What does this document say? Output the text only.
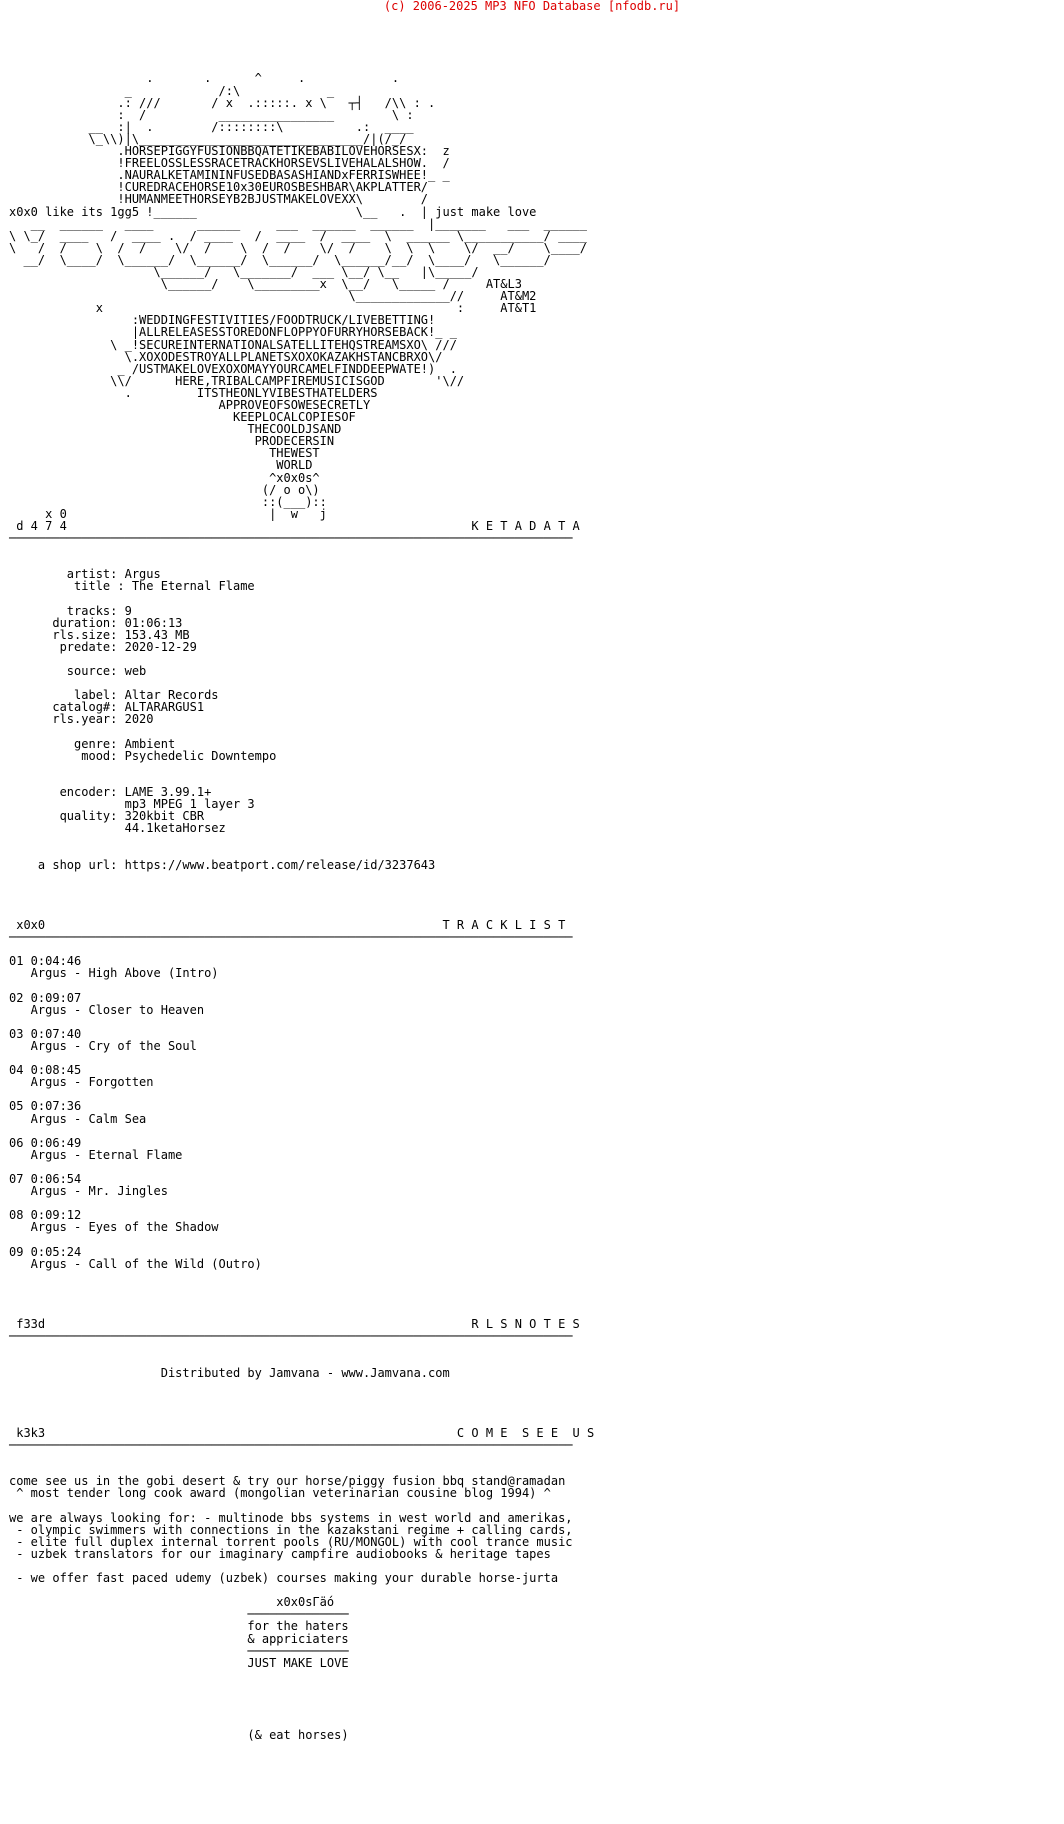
(c) 2006-2025 MP3 NFO Database [nfodb.ru]

.       .      ^     .            .
_            /:\            _
.: ///       / x  .:::::. x \   ┬┤   /\\ : .
:  /          ________________        \ :
__  :|  .        /::::::::\          .:  ____
\_\\)|\_______________________________/|(/_/
.HORSEPIGGYFUSIONBBQATETIKEBABILOVEHORSESX:  z
!FREELOSSLESSRACETRACKHORSEVSLIVEHALALSHOW.  /
.NAURALKETAMININFUSEDBASASHIANDxFERRISWHEE!_ _
!CUREDRACEHORSE10x30EUROSBESHBAR\AKPLATTER/
!HUMANMEETHORSEYB2BJUSTMAKELOVEXX\        /
x0x0 like its 1gg5 !______                      \__   .  | just make love
__  ______   ____      ______     ___  ______  ______  |_______   ___  ______
\ \_/  ____   /  ____ .  / ____   /  ____  /  ____  \  ______ \___________/ ____
\   /  /    \  /  /    \/  /    \  /  /    \/  /    \  \  \    \/  __/    \____/
__/  \____/  \______/  \______/  \______/  \______/__/  \____/   \______/
\______/   \_______/  ___ \__/ \__   |\_____/
\______/    \_________x  \__/   \_____ /     AT&L3
\_____________//     AT&M2
x                                                 :     AT&T1
:WEDDINGFESTIVITIES/FOODTRUCK/LIVEBETTING!
|ALLRELEASESSTOREDONFLOPPYOFURRYHORSEBACK!_ _
\ _!SECUREINTERNATIONALSATELLITEHQSTREAMSXO\ ///
\.XOXODESTROYALLPLANETSXOXOKAZAKHSTANCBRXO\/
_ /USTMAKELOVEXOXOMAYYOURCAMELFINDDEEPWATE!)  .
\\/      HERE,TRIBALCAMPFIREMUSICISGOD       '\//
.         ITSTHEONLYVIBESTHATELDERS
APPROVEOFSOWESECRETLY
KEEPLOCALCOPIESOF
THECOOLDJSAND
PRODECERSIN
THEWEST
WORLD
^x0x0s^
(/ o o\)
::(___)::
x 0                            |  w   j
d 4 7 4                                                        K E T A D A T A
──────────────────────────────────────────────────────────────────────────────

artist: Argus
title : The Eternal Flame

tracks: 9
duration: 01:06:13
rls.size: 153.43 MB
predate: 2020-12-29

source: web

label: Altar Records
catalog#: ALTARARGUS1
rls.year: 2020

genre: Ambient
mood: Psychedelic Downtempo

encoder: LAME 3.99.1+
mp3 MPEG 1 layer 3
quality: 320kbit CBR
44.1ketaHorsez

a shop url: https://www.beatport.com/release/id/3237643

x0x0                                                       T R A C K L I S T
──────────────────────────────────────────────────────────────────────────────

01 0:04:46
Argus - High Above (Intro)

02 0:09:07
Argus - Closer to Heaven

03 0:07:40
Argus - Cry of the Soul

04 0:08:45
Argus - Forgotten

05 0:07:36
Argus - Calm Sea

06 0:06:49
Argus - Eternal Flame

07 0:06:54
Argus - Mr. Jingles

08 0:09:12
Argus - Eyes of the Shadow

09 0:05:24
Argus - Call of the Wild (Outro)

f33d                                                           R L S N O T E S
──────────────────────────────────────────────────────────────────────────────

Distributed by Jamvana - www.Jamvana.com

k3k3                                                         C O M E  S E E  U S
──────────────────────────────────────────────────────────────────────────────

come see us in the gobi desert & try our horse/piggy fusion bbq stand@ramadan
^ most tender long cook award (mongolian veterinarian cousine blog 1994) ^

we are always looking for: - multinode bbs systems in west world and amerikas,
- olympic swimmers with connections in the kazakstani regime + calling cards,
- elite full duplex internal torrent pools (RU/MONGOL) with cool trance music
- uzbek translators for our imaginary campfire audiobooks & heritage tapes

- we offer fast paced udemy (uzbek) courses making your durable horse-jurta

x0x0sГäó
──────────────
for the haters
& appriciaters
──────────────
JUST MAKE LOVE

(& eat horses)
